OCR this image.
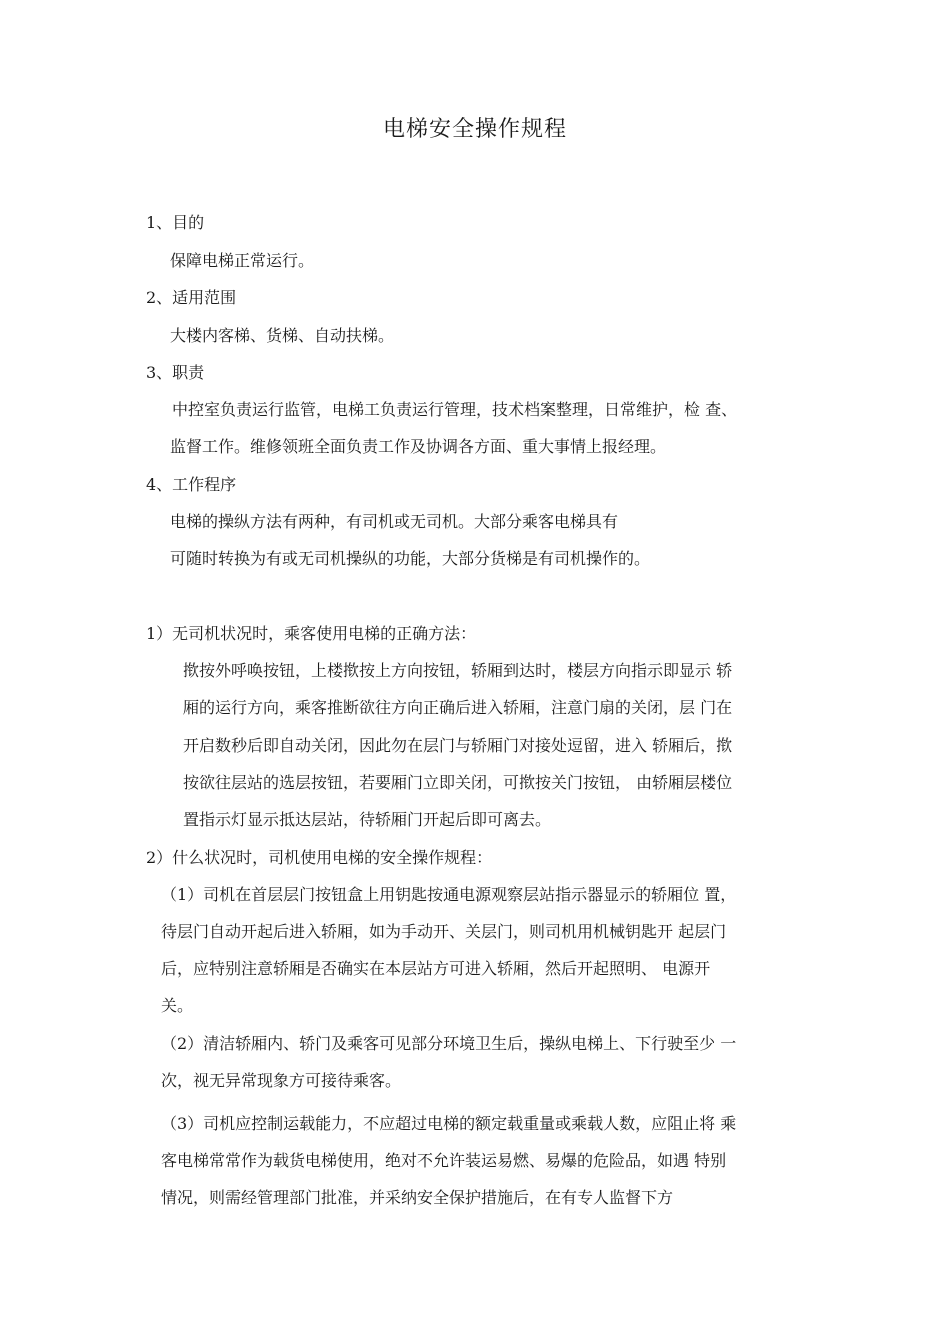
电梯安全操作规程
1、目的
保障电梯正常运行。
2、适用范围
大楼内客梯、货梯、自动扶梯。
3、职责
中控室负责运行监管，电梯工负责运行管理，技术档案整理，日常维护，检 查、
监督工作。维修领班全面负责工作及协调各方面、重大事情上报经理。
4、工作程序
电梯的操纵方法有两种，有司机或无司机。大部分乘客电梯具有
可随时转换为有或无司机操纵的功能，大部分货梯是有司机操作的。
1）无司机状况时，乘客使用电梯的正确方法：
揿按外呼唤按钮，上楼揿按上方向按钮，轿厢到达时，楼层方向指示即显示 轿
厢的运行方向，乘客推断欲往方向正确后进入轿厢，注意门扇的关闭，层 门在
开启数秒后即自动关闭，因此勿在层门与轿厢门对接处逗留，进入 轿厢后，揿
按欲往层站的选层按钮，若要厢门立即关闭，可揿按关门按钮， 由轿厢层楼位
置指示灯显示抵达层站，待轿厢门开起后即可离去。
2）什么状况时，司机使用电梯的安全操作规程：
（1）司机在首层层门按钮盒上用钥匙按通电源观察层站指示器显示的轿厢位 置，
待层门自动开起后进入轿厢，如为手动开、关层门，则司机用机械钥匙开 起层门
后，应特别注意轿厢是否确实在本层站方可进入轿厢，然后开起照明、 电源开
关。
（2）清洁轿厢内、轿门及乘客可见部分环境卫生后，操纵电梯上、下行驶至少 一
次，视无异常现象方可接待乘客。
（3）司机应控制运载能力，不应超过电梯的额定载重量或乘载人数，应阻止将 乘
客电梯常常作为载货电梯使用，绝对不允许装运易燃、易爆的危险品，如遇 特别
情况，则需经管理部门批准，并采纳安全保护措施后，在有专人监督下方
